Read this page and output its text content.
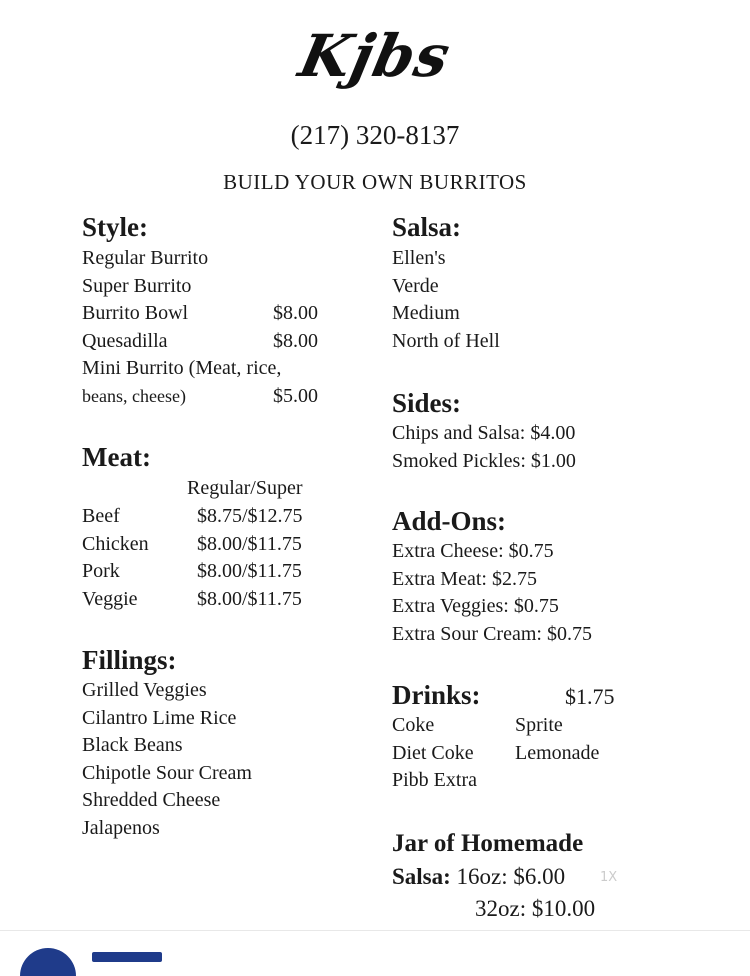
Kjbs
(217) 320-8137
BUILD YOUR OWN BURRITOS
Style:
Regular Burrito
Super Burrito
Burrito Bowl
Quesadilla
Mini Burrito (Meat, rice,
beans, cheese)
$8.00
$8.00
$5.00
Meat:
Regular/Super
Beef
Chicken
Pork
Veggie
$8.75/$12.75
$8.00/$11.75
$8.00/$11.75
$8.00/$11.75
Fillings:
Grilled Veggies
Cilantro Lime Rice
Black Beans
Chipotle Sour Cream
Shredded Cheese
Jalapenos
Salsa:
Ellen's
Verde
Medium
North of Hell
Sides:
Chips and Salsa: $4.00
Smoked Pickles: $1.00
Add-Ons:
Extra Cheese: $0.75
Extra Meat: $2.75
Extra Veggies: $0.75
Extra Sour Cream: $0.75
Drinks:	$1.75
Coke
Diet Coke
Pibb Extra
Sprite
Lemonade
Jar of Homemade
Salsa: 16oz: $6.00
32oz: $10.00
1X
